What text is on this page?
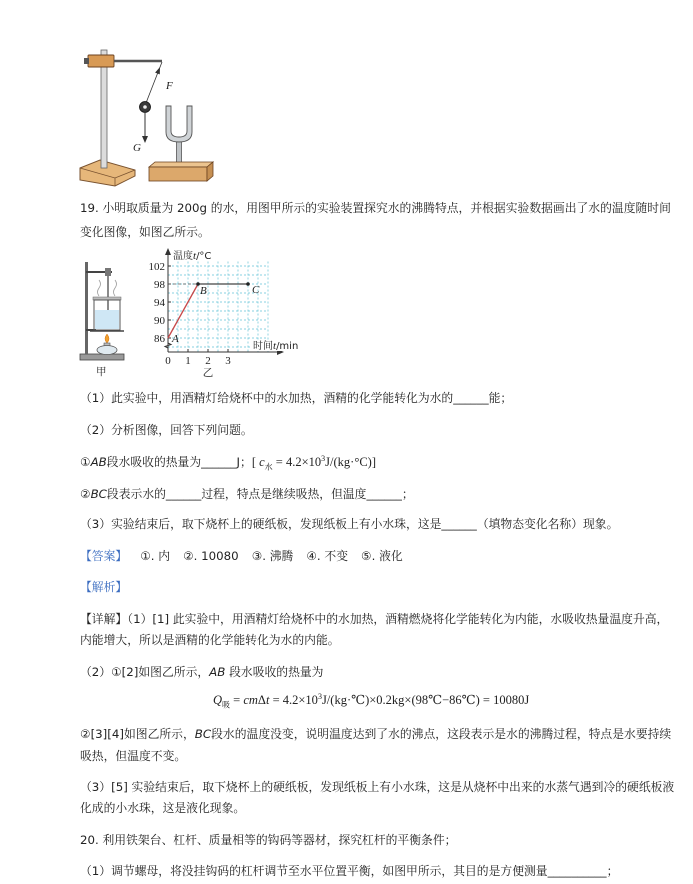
F
G
甲
102
98
94
90
86
0 1 2 3
A
B	C
温度t/°C
时间t/min
乙
19. 小明取质量为 200g 的水，用图甲所示的实验装置探究水的沸腾特点，并根据实验数据画出了水的温度随时间
变化图像，如图乙所示。
（1）此实验中，用酒精灯给烧杯中的水加热，酒精的化学能转化为水的______能；
（2）分析图像，回答下列问题。
①AB段水吸收的热量为______J；[ $c_水 = 4.2\times 10^3J/(kg\cdot^\circ C)$]
②BC段表示水的______过程，特点是继续吸热，但温度______；
（3）实验结束后，取下烧杯上的硬纸板，发现纸板上有小水珠，这是______（填物态变化名称）现象。
【答案】 ①. 内 ②. 10080 ③. 沸腾 ④. 不变 ⑤. 液化
【解析】
【详解】（1）[1] 此实验中，用酒精灯给烧杯中的水加热，酒精燃烧将化学能转化为内能，水吸收热量温度升高，
内能增大，所以是酒精的化学能转化为水的内能。
（2）①[2]如图乙所示，AB 段水吸收的热量为
$Q_吸 = cm\Delta t$ = $4.2\times 10^3J/(kg\cdot℃)\times 0.2kg\times(98℃-86℃) = 10080J$
②[3][4]如图乙所示，BC段水的温度没变，说明温度达到了水的沸点，这段表示是水的沸腾过程，特点是水要持续
吸热，但温度不变。
（3）[5] 实验结束后，取下烧杯上的硬纸板，发现纸板上有小水珠，这是从烧杯中出来的水蒸气遇到冷的硬纸板液
化成的小水珠，这是液化现象。
20. 利用铁架台、杠杆、质量相等的钩码等器材，探究杠杆的平衡条件；
（1）调节螺母，将没挂钩码的杠杆调节至水平位置平衡，如图甲所示，其目的是方便测量__________；
